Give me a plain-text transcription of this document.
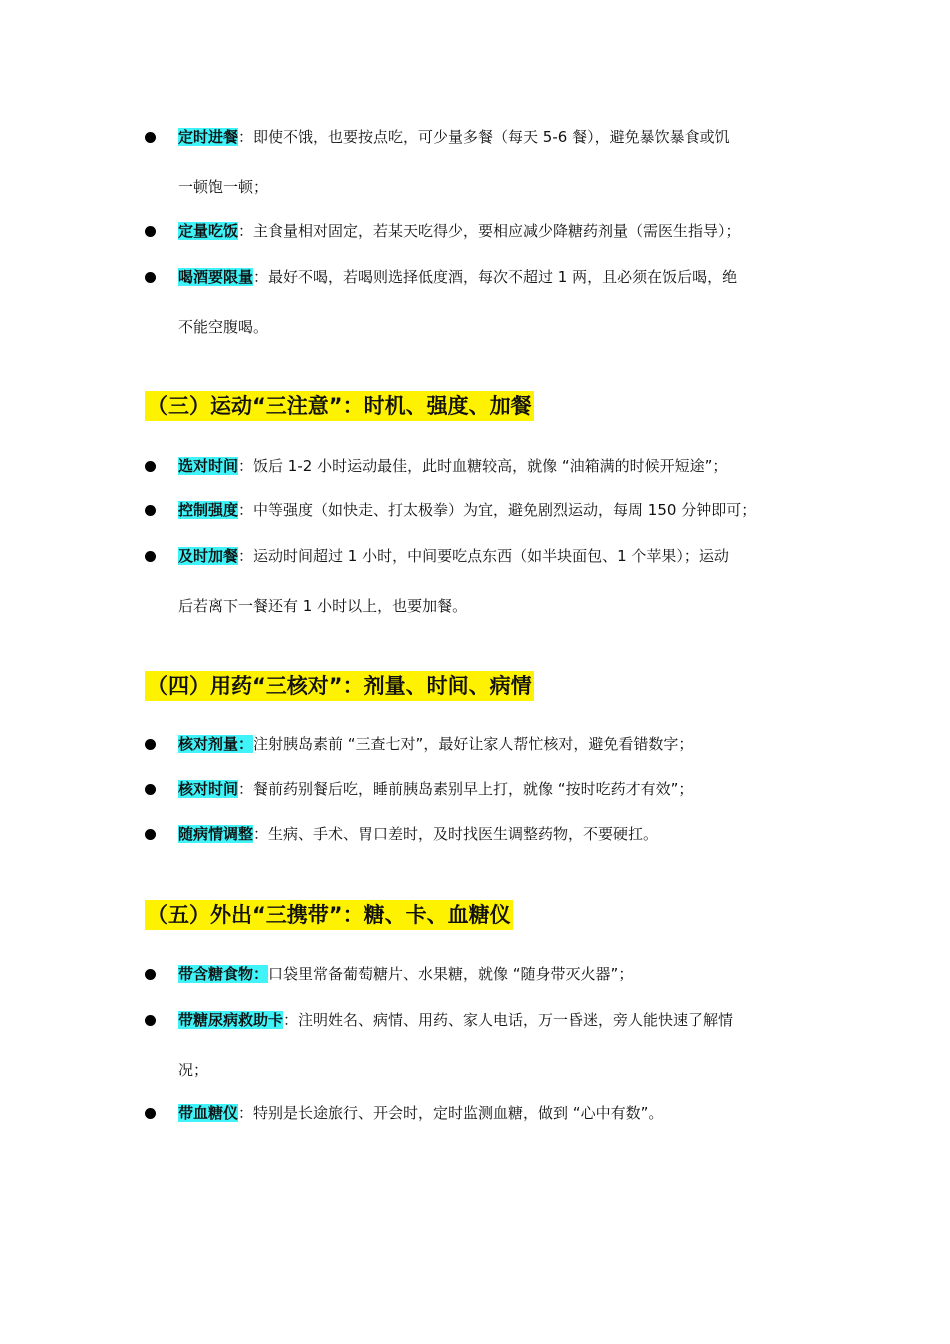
定时进餐：即使不饿，也要按点吃，可少量多餐（每天 5-6 餐），避免暴饮暴食或饥
一顿饱一顿；
定量吃饭：主食量相对固定，若某天吃得少，要相应减少降糖药剂量（需医生指导）；
喝酒要限量：最好不喝，若喝则选择低度酒，每次不超过 1 两，且必须在饭后喝，绝
不能空腹喝。
（三）运动“三注意”：时机、强度、加餐
选对时间：饭后 1-2 小时运动最佳，此时血糖较高，就像 “油箱满的时候开短途”；
控制强度：中等强度（如快走、打太极拳）为宜，避免剧烈运动，每周 150 分钟即可；
及时加餐：运动时间超过 1 小时，中间要吃点东西（如半块面包、1 个苹果）；运动
后若离下一餐还有 1 小时以上，也要加餐。
（四）用药“三核对”：剂量、时间、病情
核对剂量：注射胰岛素前 “三查七对”，最好让家人帮忙核对，避免看错数字；
核对时间：餐前药别餐后吃，睡前胰岛素别早上打，就像 “按时吃药才有效”；
随病情调整：生病、手术、胃口差时，及时找医生调整药物，不要硬扛。
（五）外出“三携带”：糖、卡、血糖仪
带含糖食物：口袋里常备葡萄糖片、水果糖，就像 “随身带灭火器”；
带糖尿病救助卡：注明姓名、病情、用药、家人电话，万一昏迷，旁人能快速了解情
况；
带血糖仪：特别是长途旅行、开会时，定时监测血糖，做到 “心中有数”。
